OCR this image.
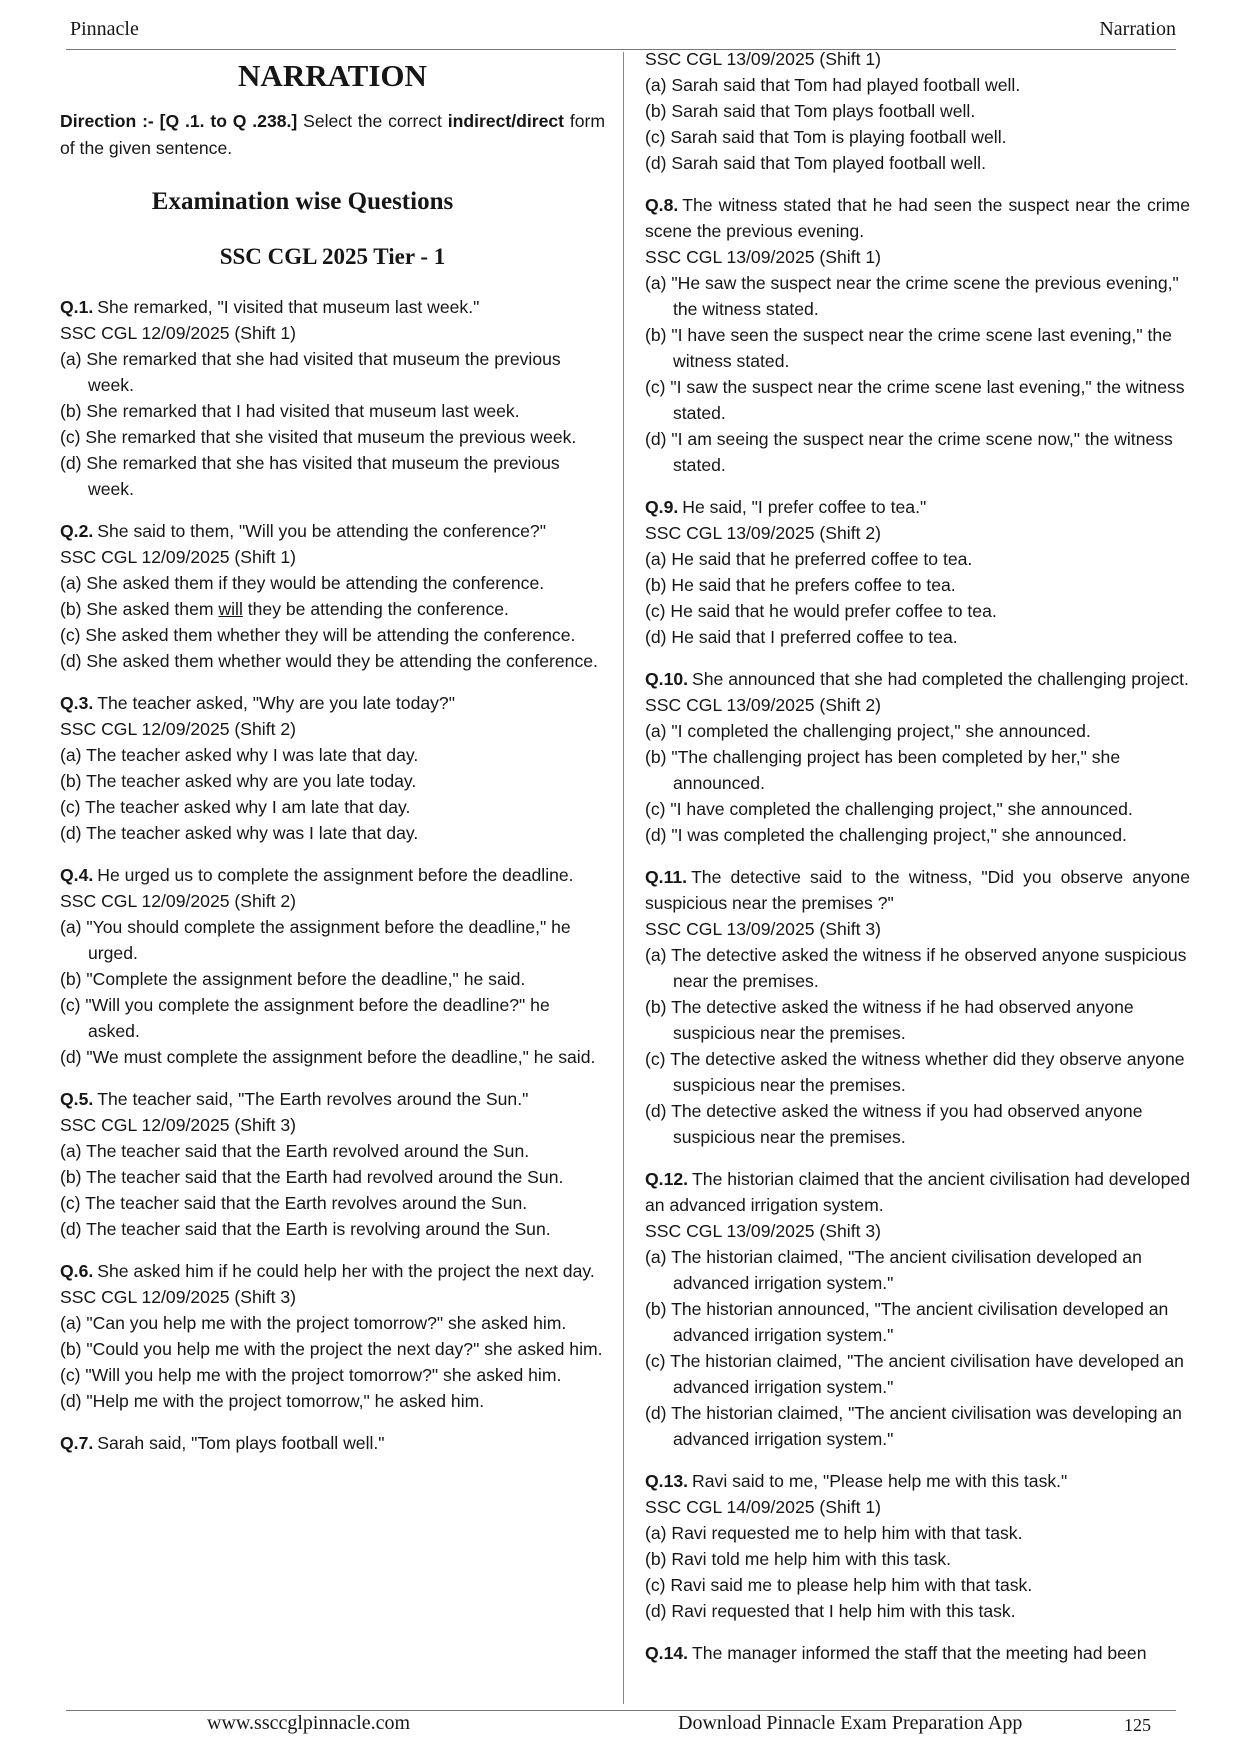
Pinnacle	Narration
NARRATION
Direction :- [Q .1. to Q .238.] Select the correct indirect/direct form of the given sentence.
Examination wise Questions
SSC CGL 2025 Tier - 1
Q.1. She remarked, "I visited that museum last week."
SSC CGL 12/09/2025 (Shift 1)
(a) She remarked that she had visited that museum the previous week.
(b) She remarked that I had visited that museum last week.
(c) She remarked that she visited that museum the previous week.
(d) She remarked that she has visited that museum the previous week.
Q.2. She said to them, "Will you be attending the conference?"
SSC CGL 12/09/2025 (Shift 1)
(a) She asked them if they would be attending the conference.
(b) She asked them will they be attending the conference.
(c) She asked them whether they will be attending the conference.
(d) She asked them whether would they be attending the conference.
Q.3. The teacher asked, "Why are you late today?"
SSC CGL 12/09/2025 (Shift 2)
(a) The teacher asked why I was late that day.
(b) The teacher asked why are you late today.
(c) The teacher asked why I am late that day.
(d) The teacher asked why was I late that day.
Q.4. He urged us to complete the assignment before the deadline.
SSC CGL 12/09/2025 (Shift 2)
(a) "You should complete the assignment before the deadline," he urged.
(b) "Complete the assignment before the deadline," he said.
(c) "Will you complete the assignment before the deadline?" he asked.
(d) "We must complete the assignment before the deadline," he said.
Q.5. The teacher said, "The Earth revolves around the Sun."
SSC CGL 12/09/2025 (Shift 3)
(a) The teacher said that the Earth revolved around the Sun.
(b) The teacher said that the Earth had revolved around the Sun.
(c) The teacher said that the Earth revolves around the Sun.
(d) The teacher said that the Earth is revolving around the Sun.
Q.6. She asked him if he could help her with the project the next day.
SSC CGL 12/09/2025 (Shift 3)
(a) "Can you help me with the project tomorrow?" she asked him.
(b) "Could you help me with the project the next day?" she asked him.
(c) "Will you help me with the project tomorrow?" she asked him.
(d) "Help me with the project tomorrow," he asked him.
Q.7. Sarah said, "Tom plays football well."
SSC CGL 13/09/2025 (Shift 1)
(a) Sarah said that Tom had played football well.
(b) Sarah said that Tom plays football well.
(c) Sarah said that Tom is playing football well.
(d) Sarah said that Tom played football well.
Q.8. The witness stated that he had seen the suspect near the crime scene the previous evening.
SSC CGL 13/09/2025 (Shift 1)
(a) "He saw the suspect near the crime scene the previous evening," the witness stated.
(b) "I have seen the suspect near the crime scene last evening," the witness stated.
(c) "I saw the suspect near the crime scene last evening," the witness stated.
(d) "I am seeing the suspect near the crime scene now," the witness stated.
Q.9. He said, "I prefer coffee to tea."
SSC CGL 13/09/2025 (Shift 2)
(a) He said that he preferred coffee to tea.
(b) He said that he prefers coffee to tea.
(c) He said that he would prefer coffee to tea.
(d) He said that I preferred coffee to tea.
Q.10. She announced that she had completed the challenging project.
SSC CGL 13/09/2025 (Shift 2)
(a) "I completed the challenging project," she announced.
(b) "The challenging project has been completed by her," she announced.
(c) "I have completed the challenging project," she announced.
(d) "I was completed the challenging project," she announced.
Q.11. The detective said to the witness, "Did you observe anyone suspicious near the premises ?"
SSC CGL 13/09/2025 (Shift 3)
(a) The detective asked the witness if he observed anyone suspicious near the premises.
(b) The detective asked the witness if he had observed anyone suspicious near the premises.
(c) The detective asked the witness whether did they observe anyone suspicious near the premises.
(d) The detective asked the witness if you had observed anyone suspicious near the premises.
Q.12. The historian claimed that the ancient civilisation had developed an advanced irrigation system.
SSC CGL 13/09/2025 (Shift 3)
(a) The historian claimed, "The ancient civilisation developed an advanced irrigation system."
(b) The historian announced, "The ancient civilisation developed an advanced irrigation system."
(c) The historian claimed, "The ancient civilisation have developed an advanced irrigation system."
(d) The historian claimed, "The ancient civilisation was developing an advanced irrigation system."
Q.13. Ravi said to me, "Please help me with this task."
SSC CGL 14/09/2025 (Shift 1)
(a) Ravi requested me to help him with that task.
(b) Ravi told me help him with this task.
(c) Ravi said me to please help him with that task.
(d) Ravi requested that I help him with this task.
Q.14. The manager informed the staff that the meeting had been
www.ssccglpinnacle.com	Download Pinnacle Exam Preparation App	125
